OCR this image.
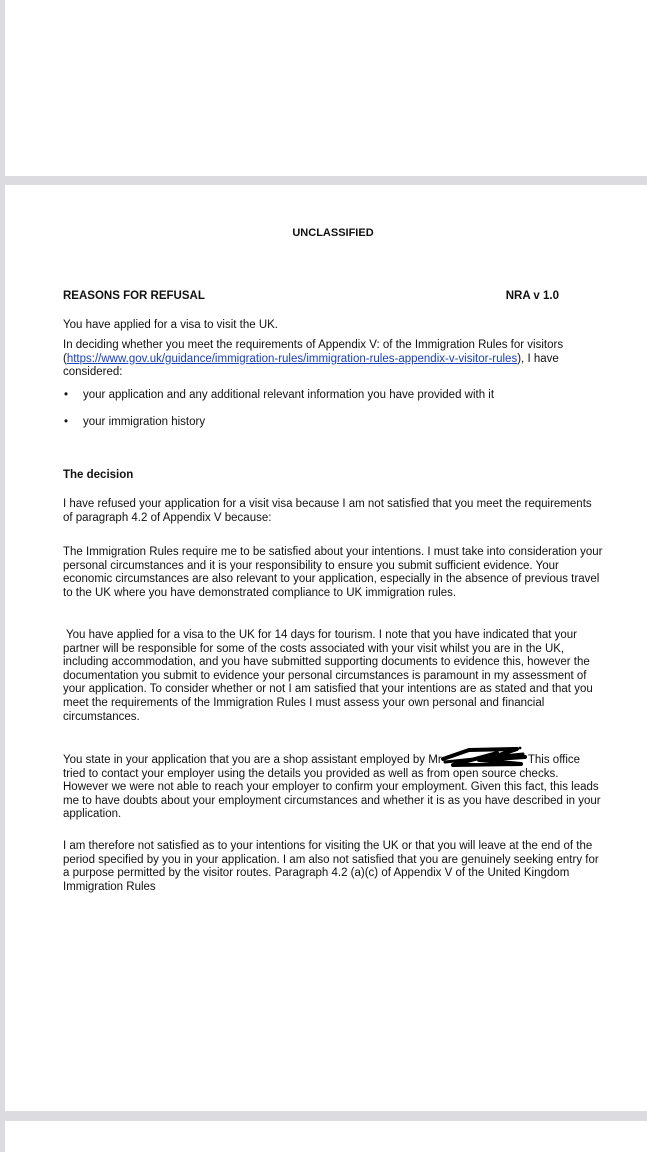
UNCLASSIFIED
REASONS FOR REFUSAL	NRA v 1.0

You have applied for a visa to visit the UK.

In deciding whether you meet the requirements of Appendix V: of the Immigration Rules for visitors (https://www.gov.uk/guidance/immigration-rules/immigration-rules-appendix-v-visitor-rules), I have considered:

• your application and any additional relevant information you have provided with it
• your immigration history
The decision

I have refused your application for a visit visa because I am not satisfied that you meet the requirements of paragraph 4.2 of Appendix V because:

The Immigration Rules require me to be satisfied about your intentions. I must take into consideration your personal circumstances and it is your responsibility to ensure you submit sufficient evidence. Your economic circumstances are also relevant to your application, especially in the absence of previous travel to the UK where you have demonstrated compliance to UK immigration rules.

You have applied for a visa to the UK for 14 days for tourism. I note that you have indicated that your partner will be responsible for some of the costs associated with your visit whilst you are in the UK, including accommodation, and you have submitted supporting documents to evidence this, however the documentation you submit to evidence your personal circumstances is paramount in my assessment of your application. To consider whether or not I am satisfied that your intentions are as stated and that you meet the requirements of the Immigration Rules I must assess your own personal and financial circumstances.

You state in your application that you are a shop assistant employed by Mr	This office tried to contact your employer using the details you provided as well as from open source checks. However we were not able to reach your employer to confirm your employment. Given this fact, this leads me to have doubts about your employment circumstances and whether it is as you have described in your application.

I am therefore not satisfied as to your intentions for visiting the UK or that you will leave at the end of the period specified by you in your application. I am also not satisfied that you are genuinely seeking entry for a purpose permitted by the visitor routes. Paragraph 4.2 (a)(c) of Appendix V of the United Kingdom Immigration Rules
